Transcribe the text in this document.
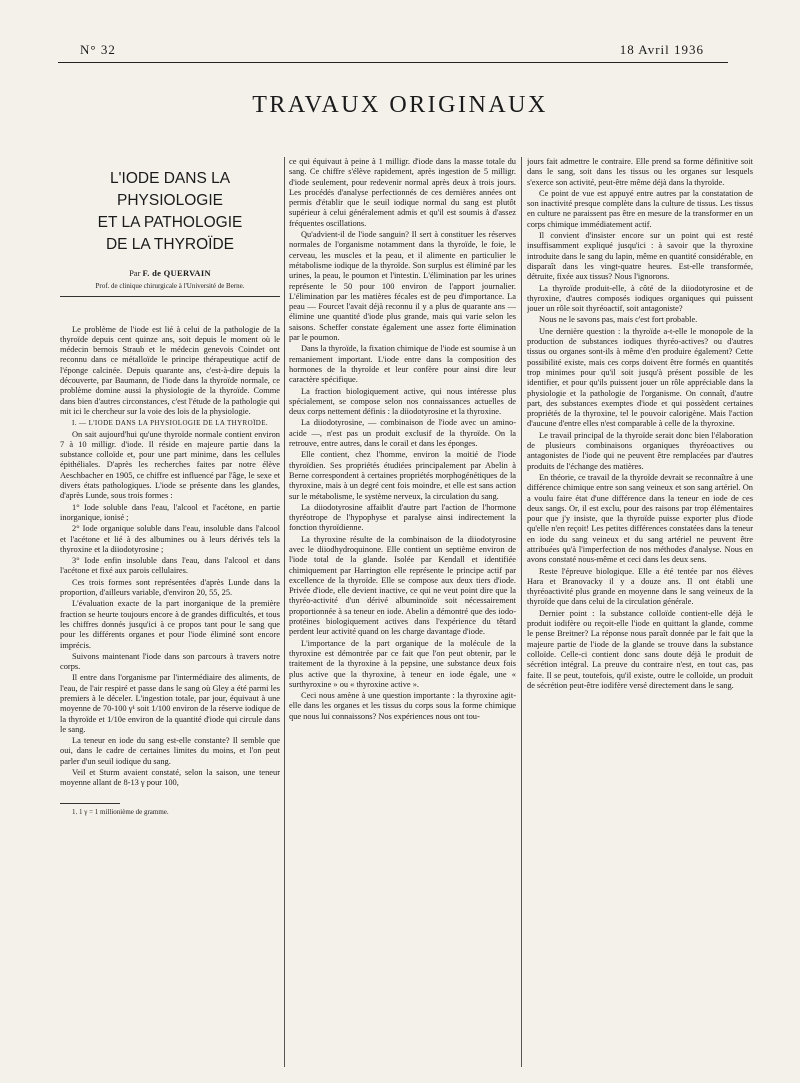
N° 32	18 Avril 1936
TRAVAUX ORIGINAUX
L'IODE DANS LA PHYSIOLOGIE
ET LA PATHOLOGIE
DE LA THYROÏDE
Par F. de QUERVAIN
Prof. de clinique chirurgicale à l'Université de Berne.

Le problème de l'iode est lié à celui de la pathologie de la thyroïde depuis cent quinze ans, soit depuis le moment où le médecin bernois Straub et le médecin genevois Coindet ont reconnu dans ce métalloïde le principe thérapeutique actif de l'éponge calcinée. Depuis quarante ans, c'est-à-dire depuis la découverte, par Baumann, de l'iode dans la thyroïde normale, ce problème domine aussi la physiologie de la thyroïde. Comme dans bien d'autres circonstances, c'est l'étude de la pathologie qui mit ici le chercheur sur la voie des lois de la physiologie.

I. — L'IODE DANS LA PHYSIOLOGIE DE LA THYROÏDE.

On sait aujourd'hui qu'une thyroïde normale contient environ 7 à 10 milligr. d'iode. Il réside en majeure partie dans la substance colloïde et, pour une part minime, dans les cellules épithéliales. D'après les recherches faites par notre élève Aeschbacher en 1905, ce chiffre est influencé par l'âge, le sexe et divers états pathologiques. L'iode se présente dans les glandes, d'après Lunde, sous trois formes :

1° Iode soluble dans l'eau, l'alcool et l'acétone, en partie inorganique, ionisé ;

2° Iode organique soluble dans l'eau, insoluble dans l'alcool et l'acétone et lié à des albumines ou à leurs dérivés tels la thyroxine et la diiodotyrosine ;

3° Iode enfin insoluble dans l'eau, dans l'alcool et dans l'acétone et fixé aux parois cellulaires.

Ces trois formes sont représentées d'après Lunde dans la proportion, d'ailleurs variable, d'environ 20, 55, 25.

L'évaluation exacte de la part inorganique de la première fraction se heurte toujours encore à de grandes difficultés, et tous les chiffres donnés jusqu'ici à ce propos tant pour le sang que pour les différents organes et pour l'iode éliminé sont encore imprécis.

Suivons maintenant l'iode dans son parcours à travers notre corps.

Il entre dans l'organisme par l'intermédiaire des aliments, de l'eau, de l'air respiré et passe dans le sang où Gley a été parmi les premiers à le déceler. L'ingestion totale, par jour, équivaut à une moyenne de 70-100 γ¹ soit 1/100 environ de la réserve iodique de la thyroïde et 1/10e environ de la quantité d'iode qui circule dans le sang.

La teneur en iode du sang est-elle constante? Il semble que oui, dans le cadre de certaines limites du moins, et l'on peut parler d'un seuil iodique du sang.

Veil et Sturm avaient constaté, selon la saison, une teneur moyenne allant de 8-13 γ pour 100,

1. 1 γ = 1 millionième de gramme.

ce qui équivaut à peine à 1 milligr. d'iode dans la masse totale du sang. Ce chiffre s'élève rapidement, après ingestion de 5 milligr. d'iode seulement, pour redevenir normal après deux à trois jours. Les procédés d'analyse perfectionnés de ces dernières années ont permis d'établir que le seuil iodique normal du sang est plutôt supérieur à celui généralement admis et qu'il est soumis à d'assez fréquentes oscillations.

Qu'advient-il de l'iode sanguin? Il sert à constituer les réserves normales de l'organisme notamment dans la thyroïde, le foie, le cerveau, les muscles et la peau, et il alimente en particulier le métabolisme iodique de la thyroïde. Son surplus est éliminé par les urines, la peau, le poumon et l'intestin. L'élimination par les urines représente le 50 pour 100 environ de l'apport journalier. L'élimination par les matières fécales est de peu d'importance. La peau — Fourcet l'avait déjà reconnu il y a plus de quarante ans — élimine une quantité d'iode plus grande, mais qui varie selon les saisons. Scheffer constate également une assez forte élimination par le poumon.

Dans la thyroïde, la fixation chimique de l'iode est soumise à un remaniement important. L'iode entre dans la composition des hormones de la thyroïde et leur confère pour ainsi dire leur caractère spécifique.

La fraction biologiquement active, qui nous intéresse plus spécialement, se compose selon nos connaissances actuelles de deux corps nettement définis : la diiodotyrosine et la thyroxine.

La diiodotyrosine, — combinaison de l'iode avec un amino-acide —, n'est pas un produit exclusif de la thyroïde. On la retrouve, entre autres, dans le corail et dans les éponges.

Elle contient, chez l'homme, environ la moitié de l'iode thyroïdien. Ses propriétés étudiées principalement par Abelin à Berne correspondent à certaines propriétés morphogénétiques de la thyroxine, mais à un degré cent fois moindre, et elle est sans action sur le métabolisme, le système nerveux, la circulation du sang.

La diiodotyrosine affaiblit d'autre part l'action de l'hormone thyréotrope de l'hypophyse et paralyse ainsi indirectement la fonction thyroïdienne.

La thyroxine résulte de la combinaison de la diiodotyrosine avec le diiodhydroquinone. Elle contient un septième environ de l'iode total de la glande. Isolée par Kendall et identifiée chimiquement par Harrington elle représente le principe actif par excellence de la thyroïde. Elle se compose aux deux tiers d'iode. Privée d'iode, elle devient inactive, ce qui ne veut point dire que la thyréo-activité d'un dérivé albuminoïde soit nécessairement proportionnée à sa teneur en iode. Abelin a démontré que des iodo-protéines biologiquement actives dans l'expérience du têtard perdent leur activité quand on les charge davantage d'iode.

L'importance de la part organique de la molécule de la thyroxine est démontrée par ce fait que l'on peut obtenir, par le traitement de la thyroxine à la pepsine, une substance deux fois plus active que la thyroxine, à teneur en iode égale, une « surthyroxine » ou « thyroxine active ».

Ceci nous amène à une question importante : la thyroxine agit-elle dans les organes et les tissus du corps sous la forme chimique que nous lui connaissons? Nos expériences nous ont tou-

jours fait admettre le contraire. Elle prend sa forme définitive soit dans le sang, soit dans les tissus ou les organes sur lesquels s'exerce son activité, peut-être même déjà dans la thyroïde.

Ce point de vue est appuyé entre autres par la constatation de son inactivité presque complète dans la culture de tissus. Les tissus en culture ne paraissent pas être en mesure de la transformer en un corps chimique immédiatement actif.

Il convient d'insister encore sur un point qui est resté insuffisamment expliqué jusqu'ici : à savoir que la thyroxine introduite dans le sang du lapin, même en quantité considérable, en disparaît dans les vingt-quatre heures. Est-elle transformée, détruite, fixée aux tissus? Nous l'ignorons.

La thyroïde produit-elle, à côté de la diiodotyrosine et de thyroxine, d'autres composés iodiques organiques qui puissent jouer un rôle soit thyréoactif, soit antagoniste?

Nous ne le savons pas, mais c'est fort probable.

Une dernière question : la thyroïde a-t-elle le monopole de la production de substances iodiques thyréo-actives? ou d'autres tissus ou organes sont-ils à même d'en produire également? Cette possibilité existe, mais ces corps doivent être formés en quantités trop minimes pour qu'il soit jusqu'à présent possible de les identifier, et pour qu'ils puissent jouer un rôle appréciable dans la physiologie et la pathologie de l'organisme. On connaît, d'autre part, des substances exemptes d'iode et qui possèdent certaines propriétés de la thyroxine, tel le pouvoir calorigène. Mais l'action d'aucune d'entre elles n'est comparable à celle de la thyroxine.

Le travail principal de la thyroïde serait donc bien l'élaboration de plusieurs combinaisons organiques thyréoactives ou antagonistes de l'iode qui ne peuvent être remplacées par d'autres produits de l'échange des matières.

En théorie, ce travail de la thyroïde devrait se reconnaître à une différence chimique entre son sang veineux et son sang artériel. On a voulu faire état d'une différence dans la teneur en iode de ces deux sangs. Or, il est exclu, pour des raisons par trop élémentaires pour que j'y insiste, que la thyroïde puisse exporter plus d'iode qu'elle n'en reçoit! Les petites différences constatées dans la teneur en iode du sang veineux et du sang artériel ne peuvent être attribuées qu'à l'imperfection de nos méthodes d'analyse. Nous en avons constaté nous-même et ceci dans les deux sens.

Reste l'épreuve biologique. Elle a été tentée par nos élèves Hara et Branovacky il y a douze ans. Il ont établi une thyréoactivité plus grande en moyenne dans le sang veineux de la thyroïde que dans celui de la circulation générale.

Dernier point : la substance colloïde contient-elle déjà le produit iodifère ou reçoit-elle l'iode en quittant la glande, comme le pense Breitner? La réponse nous paraît donnée par le fait que la majeure partie de l'iode de la glande se trouve dans la substance colloïde. Celle-ci contient donc sans doute déjà le produit de sécrétion intégral. La preuve du contraire n'est, en tout cas, pas faite. Il se peut, toutefois, qu'il existe, outre le colloïde, un produit de sécrétion peut-être iodifère versé directement dans le sang.
